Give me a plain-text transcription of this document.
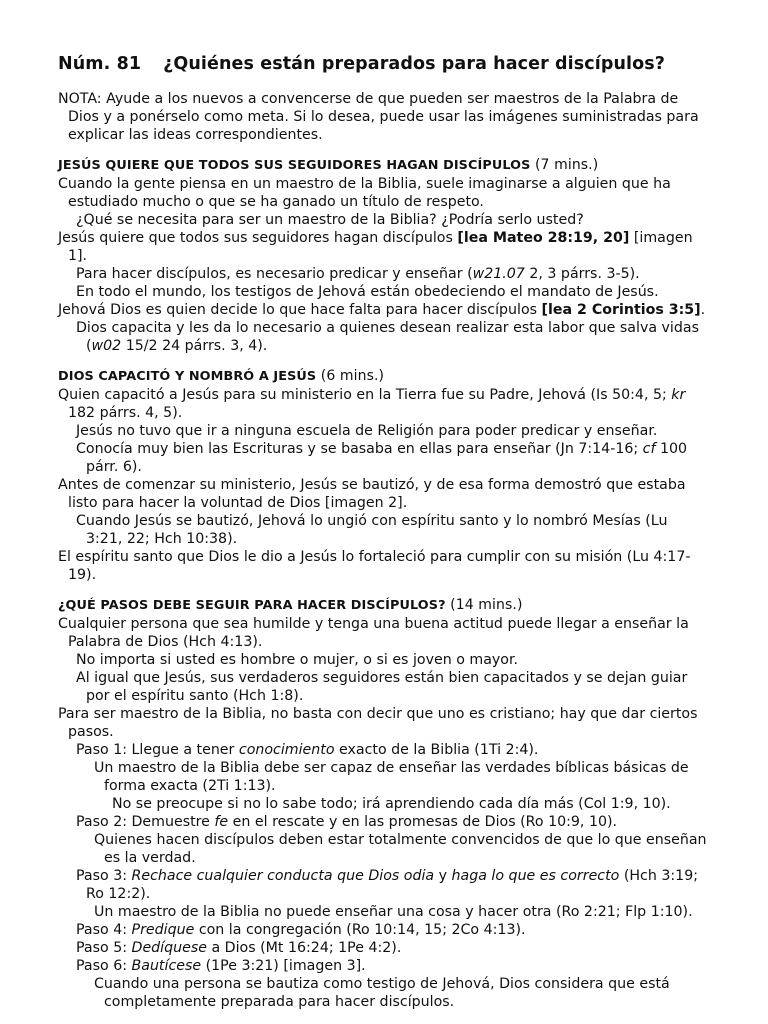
Núm. 81 ¿Quiénes están preparados para hacer discípulos?

NOTA: Ayude a los nuevos a convencerse de que pueden ser maestros de la Palabra de Dios y a ponérselo como meta. Si lo desea, puede usar las imágenes suministradas para explicar las ideas correspondientes.

JESÚS QUIERE QUE TODOS SUS SEGUIDORES HAGAN DISCÍPULOS (7 mins.)

Cuando la gente piensa en un maestro de la Biblia, suele imaginarse a alguien que ha estudiado mucho o que se ha ganado un título de respeto.

¿Qué se necesita para ser un maestro de la Biblia? ¿Podría serlo usted?

Jesús quiere que todos sus seguidores hagan discípulos [lea Mateo 28:19, 20] [imagen 1].

Para hacer discípulos, es necesario predicar y enseñar (w21.07 2, 3 párrs. 3-5).

En todo el mundo, los testigos de Jehová están obedeciendo el mandato de Jesús.

Jehová Dios es quien decide lo que hace falta para hacer discípulos [lea 2 Corintios 3:5].

Dios capacita y les da lo necesario a quienes desean realizar esta labor que salva vidas (w02 15/2 24 párrs. 3, 4).

DIOS CAPACITÓ Y NOMBRÓ A JESÚS (6 mins.)

Quien capacitó a Jesús para su ministerio en la Tierra fue su Padre, Jehová (Is 50:4, 5; kr 182 párrs. 4, 5).

Jesús no tuvo que ir a ninguna escuela de Religión para poder predicar y enseñar.

Conocía muy bien las Escrituras y se basaba en ellas para enseñar (Jn 7:14-16; cf 100 párr. 6).

Antes de comenzar su ministerio, Jesús se bautizó, y de esa forma demostró que estaba listo para hacer la voluntad de Dios [imagen 2].

Cuando Jesús se bautizó, Jehová lo ungió con espíritu santo y lo nombró Mesías (Lu 3:21, 22; Hch 10:38).

El espíritu santo que Dios le dio a Jesús lo fortaleció para cumplir con su misión (Lu 4:17-19).

¿QUÉ PASOS DEBE SEGUIR PARA HACER DISCÍPULOS? (14 mins.)

Cualquier persona que sea humilde y tenga una buena actitud puede llegar a enseñar la Palabra de Dios (Hch 4:13).

No importa si usted es hombre o mujer, o si es joven o mayor.

Al igual que Jesús, sus verdaderos seguidores están bien capacitados y se dejan guiar por el espíritu santo (Hch 1:8).

Para ser maestro de la Biblia, no basta con decir que uno es cristiano; hay que dar ciertos pasos.

Paso 1: Llegue a tener conocimiento exacto de la Biblia (1Ti 2:4).

Un maestro de la Biblia debe ser capaz de enseñar las verdades bíblicas básicas de forma exacta (2Ti 1:13).

No se preocupe si no lo sabe todo; irá aprendiendo cada día más (Col 1:9, 10).

Paso 2: Demuestre fe en el rescate y en las promesas de Dios (Ro 10:9, 10).

Quienes hacen discípulos deben estar totalmente convencidos de que lo que enseñan es la verdad.

Paso 3: Rechace cualquier conducta que Dios odia y haga lo que es correcto (Hch 3:19; Ro 12:2).

Un maestro de la Biblia no puede enseñar una cosa y hacer otra (Ro 2:21; Flp 1:10).

Paso 4: Predique con la congregación (Ro 10:14, 15; 2Co 4:13).

Paso 5: Dedíquese a Dios (Mt 16:24; 1Pe 4:2).

Paso 6: Bautícese (1Pe 3:21) [imagen 3].

Cuando una persona se bautiza como testigo de Jehová, Dios considera que está completamente preparada para hacer discípulos.
